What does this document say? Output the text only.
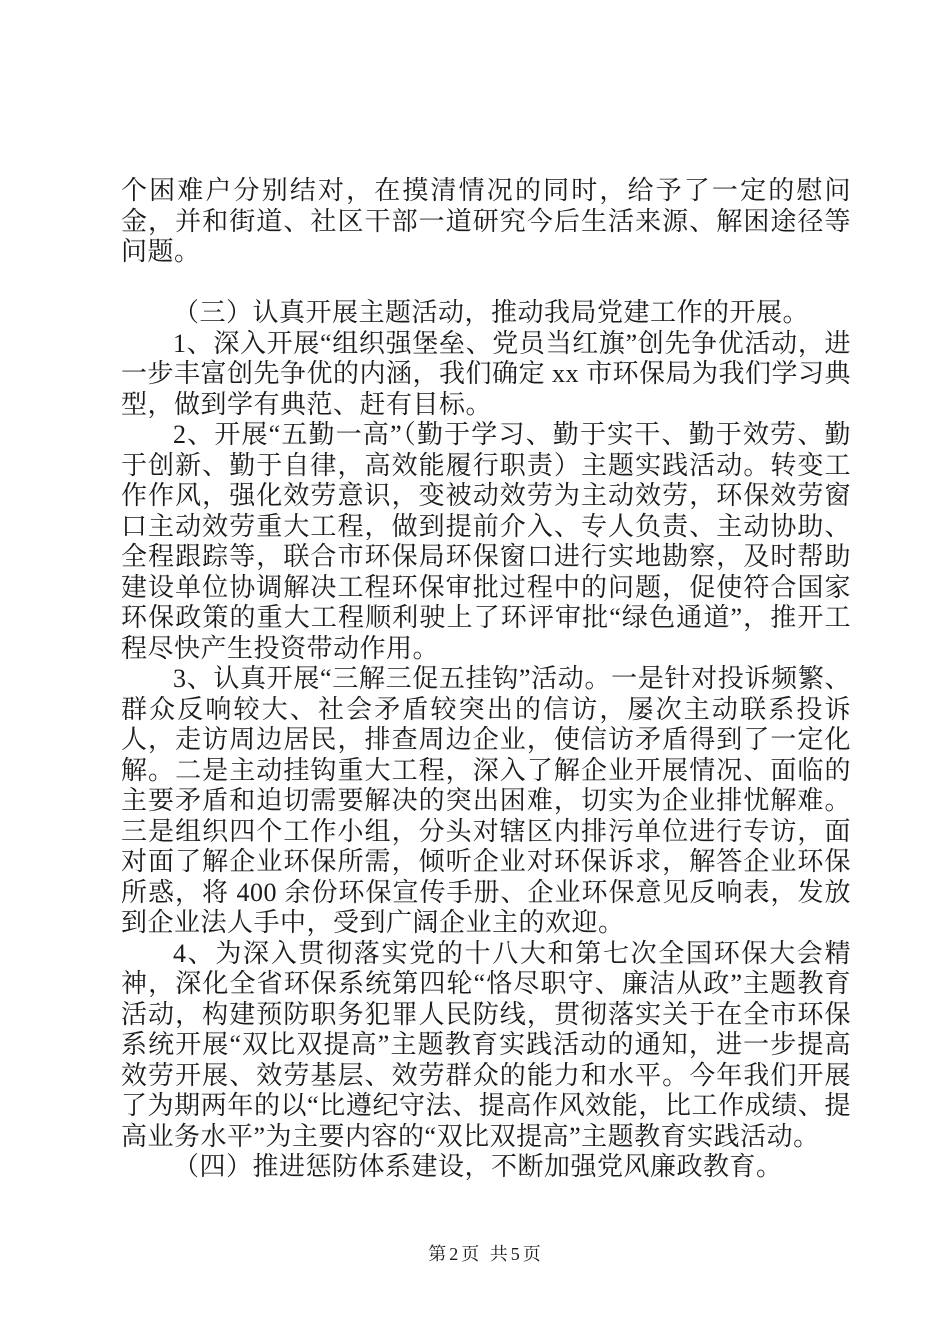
个困难户分别结对，在摸清情况的同时，给予了一定的慰问金，并和街道、社区干部一道研究今后生活来源、解困途径等问题。

（三）认真开展主题活动，推动我局党建工作的开展。

1、深入开展“组织强堡垒、党员当红旗”创先争优活动，进一步丰富创先争优的内涵，我们确定 xx 市环保局为我们学习典型，做到学有典范、赶有目标。

2、开展“五勤一高”（勤于学习、勤于实干、勤于效劳、勤于创新、勤于自律，高效能履行职责）主题实践活动。转变工作作风，强化效劳意识，变被动效劳为主动效劳，环保效劳窗口主动效劳重大工程，做到提前介入、专人负责、主动协助、全程跟踪等，联合市环保局环保窗口进行实地勘察，及时帮助建设单位协调解决工程环保审批过程中的问题，促使符合国家环保政策的重大工程顺利驶上了环评审批“绿色通道”，推开工程尽快产生投资带动作用。

3、认真开展“三解三促五挂钩”活动。一是针对投诉频繁、群众反响较大、社会矛盾较突出的信访，屡次主动联系投诉人，走访周边居民，排查周边企业，使信访矛盾得到了一定化解。二是主动挂钩重大工程，深入了解企业开展情况、面临的主要矛盾和迫切需要解决的突出困难，切实为企业排忧解难。三是组织四个工作小组，分头对辖区内排污单位进行专访，面对面了解企业环保所需，倾听企业对环保诉求，解答企业环保所惑，将 400 余份环保宣传手册、企业环保意见反响表，发放到企业法人手中，受到广阔企业主的欢迎。

4、为深入贯彻落实党的十八大和第七次全国环保大会精神，深化全省环保系统第四轮“恪尽职守、廉洁从政”主题教育活动，构建预防职务犯罪人民防线，贯彻落实关于在全市环保系统开展“双比双提高”主题教育实践活动的通知，进一步提高效劳开展、效劳基层、效劳群众的能力和水平。今年我们开展了为期两年的以“比遵纪守法、提高作风效能，比工作成绩、提高业务水平”为主要内容的“双比双提高”主题教育实践活动。

（四）推进惩防体系建设，不断加强党风廉政教育。

第2页 共5页
